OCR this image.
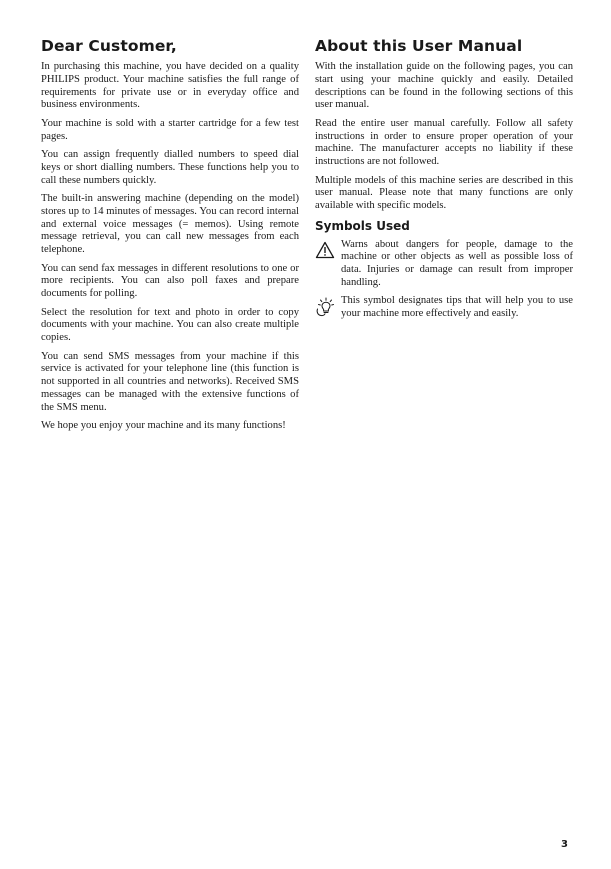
Dear Customer,

In purchasing this machine, you have decided on a quality PHILIPS product. Your machine satisfies the full range of requirements for private use or in everyday office and business environments.

Your machine is sold with a starter cartridge for a few test pages.

You can assign frequently dialled numbers to speed dial keys or short dialling numbers. These functions help you to call these numbers quickly.

The built-in answering machine (depending on the model) stores up to 14 minutes of messages. You can record internal and external voice messages (= memos). Using remote message retrieval, you can call new messages from each telephone.

You can send fax messages in different resolutions to one or more recipients. You can also poll faxes and prepare documents for polling.

Select the resolution for text and photo in order to copy documents with your machine. You can also create multiple copies.

You can send SMS messages from your machine if this service is activated for your telephone line (this function is not supported in all countries and networks). Received SMS messages can be managed with the extensive functions of the SMS menu.

We hope you enjoy your machine and its many functions!

About this User Manual

With the installation guide on the following pages, you can start using your machine quickly and easily. Detailed descriptions can be found in the following sections of this user manual.

Read the entire user manual carefully. Follow all safety instructions in order to ensure proper operation of your machine. The manufacturer accepts no liability if these instructions are not followed.

Multiple models of this machine series are described in this user manual. Please note that many functions are only available with specific models.

Symbols Used

Warns about dangers for people, damage to the machine or other objects as well as possible loss of data. Injuries or damage can result from improper handling.

This symbol designates tips that will help you to use your machine more effectively and easily.

3
